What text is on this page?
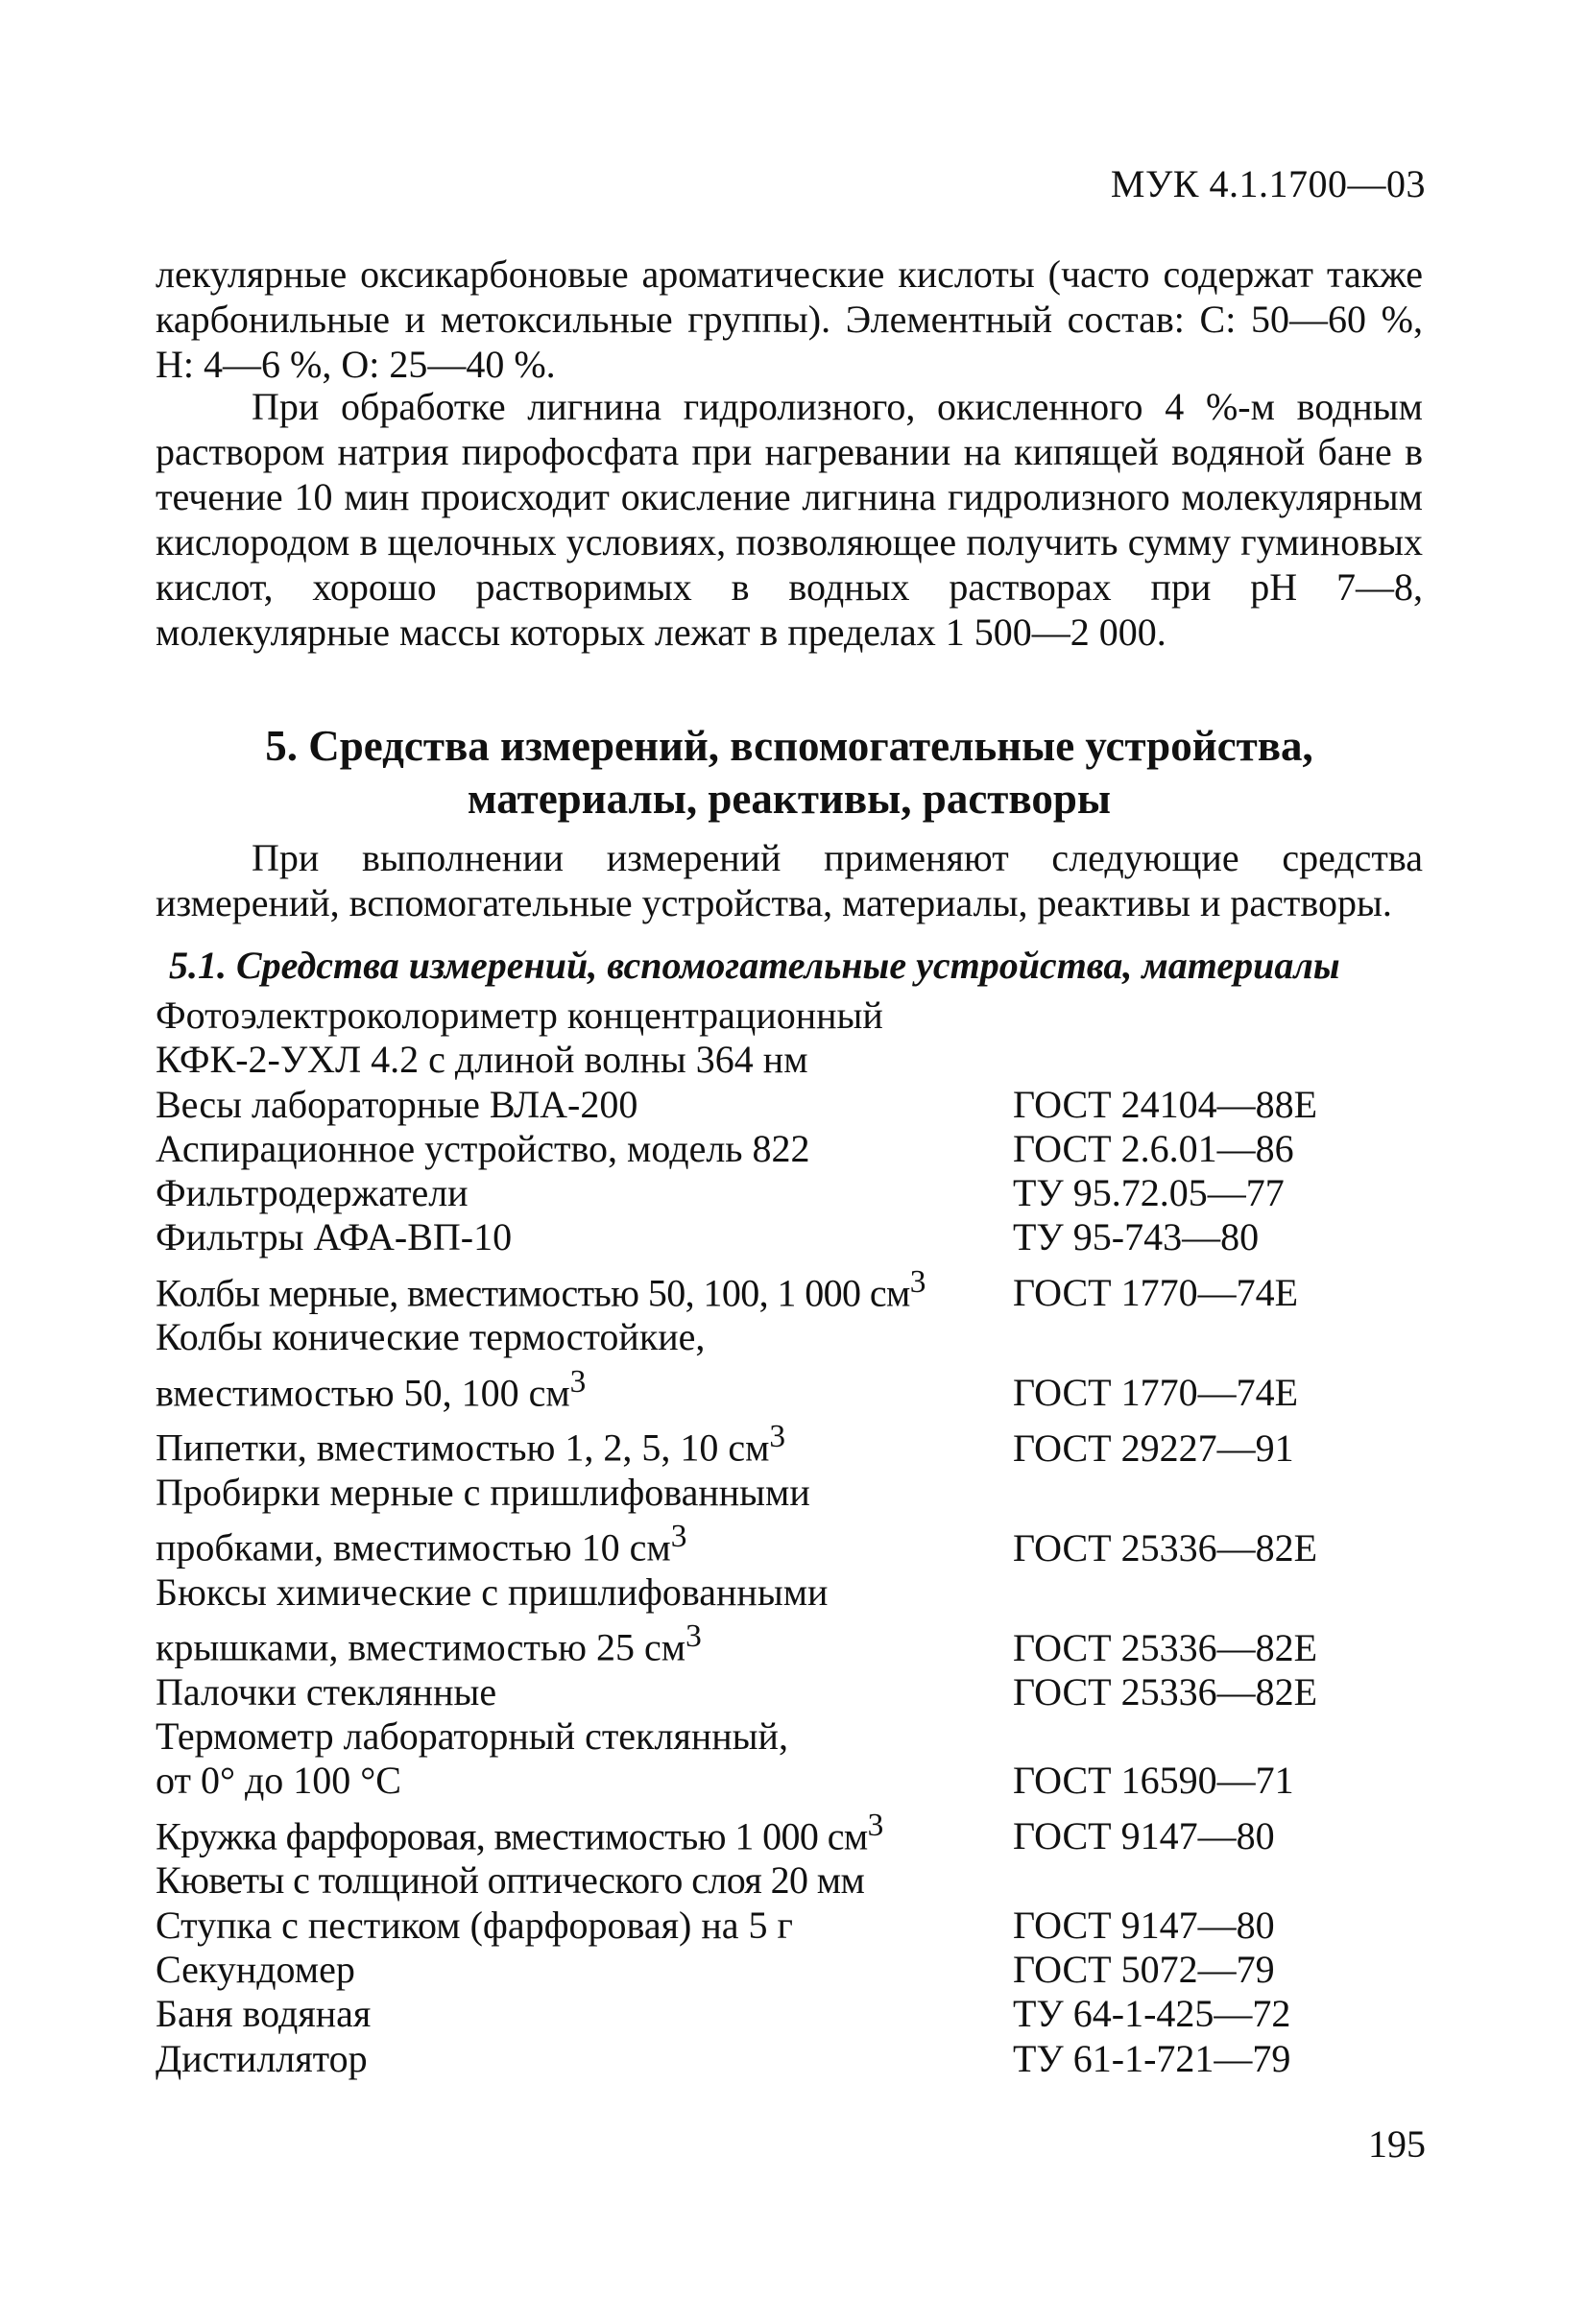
МУК 4.1.1700—03

лекулярные оксикарбоновые ароматические кислоты (часто содержат также карбонильные и метоксильные группы). Элементный состав: С: 50—60 %, Н: 4—6 %, О: 25—40 %.

При обработке лигнина гидролизного, окисленного 4 %-м водным раствором натрия пирофосфата при нагревании на кипящей водяной бане в течение 10 мин происходит окисление лигнина гидролизного молекулярным кислородом в щелочных условиях, позволяющее получить сумму гуминовых кислот, хорошо растворимых в водных растворах при pH 7—8, молекулярные массы которых лежат в пределах 1 500—2 000.

5. Средства измерений, вспомогательные устройства,
материалы, реактивы, растворы

При выполнении измерений применяют следующие средства измерений, вспомогательные устройства, материалы, реактивы и растворы.

5.1. Средства измерений, вспомогательные устройства, материалы

Фотоэлектроколориметр концентрационный
КФК-2-УХЛ 4.2 с длиной волны 364 нм
Весы лабораторные ВЛА-200	ГОСТ 24104—88Е
Аспирационное устройство, модель 822	ГОСТ 2.6.01—86
Фильтродержатели	ТУ 95.72.05—77
Фильтры АФА-ВП-10	ТУ 95-743—80
Колбы мерные, вместимостью 50, 100, 1 000 $см^3$	ГОСТ 1770—74Е
Колбы конические термостойкие,
вместимостью 50, 100 $см^3$	ГОСТ 1770—74Е
Пипетки, вместимостью 1, 2, 5, 10 $см^3$	ГОСТ 29227—91
Пробирки мерные с пришлифованными
пробками, вместимостью 10 $см^3$	ГОСТ 25336—82Е
Бюксы химические с пришлифованными
крышками, вместимостью 25 $см^3$	ГОСТ 25336—82Е
Палочки стеклянные	ГОСТ 25336—82Е
Термометр лабораторный стеклянный,
от 0° до 100 °С	ГОСТ 16590—71
Кружка фарфоровая, вместимостью 1 000 $см^3$	ГОСТ 9147—80
Кюветы с толщиной оптического слоя 20 мм
Ступка с пестиком (фарфоровая) на 5 г	ГОСТ 9147—80
Секундомер	ГОСТ 5072—79
Баня водяная	ТУ 64-1-425—72
Дистиллятор	ТУ 61-1-721—79
195
